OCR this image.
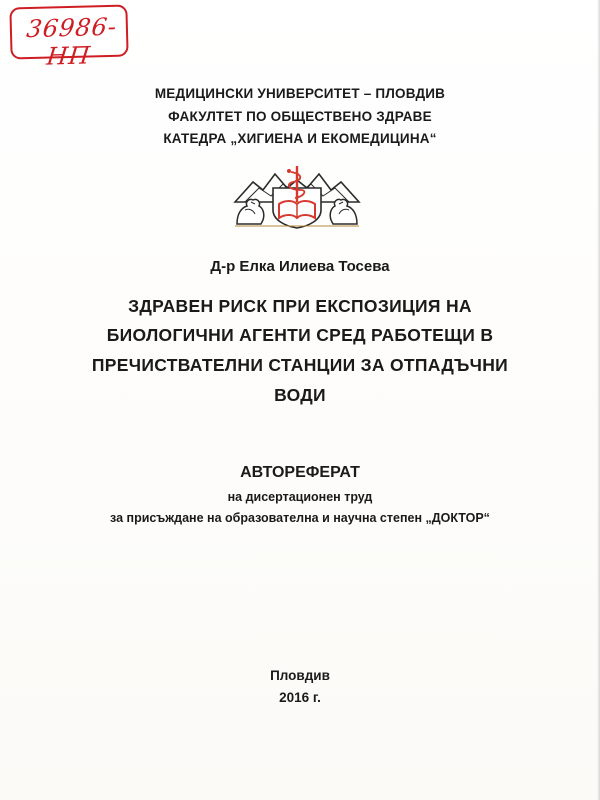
36986-НП
МЕДИЦИНСКИ УНИВЕРСИТЕТ – ПЛОВДИВ
ФАКУЛТЕТ ПО ОБЩЕСТВЕНО ЗДРАВЕ
КАТЕДРА „ХИГИЕНА И ЕКОМЕДИЦИНА“
Д-р Елка Илиева Тосева
ЗДРАВЕН РИСК ПРИ ЕКСПОЗИЦИЯ НА
БИОЛОГИЧНИ АГЕНТИ СРЕД РАБОТЕЩИ В
ПРЕЧИСТВАТЕЛНИ СТАНЦИИ ЗА ОТПАДЪЧНИ
ВОДИ
АВТОРЕФЕРАТ
на дисертационен труд
за присъждане на образователна и научна степен „ДОКТОР“
Пловдив
2016 г.
